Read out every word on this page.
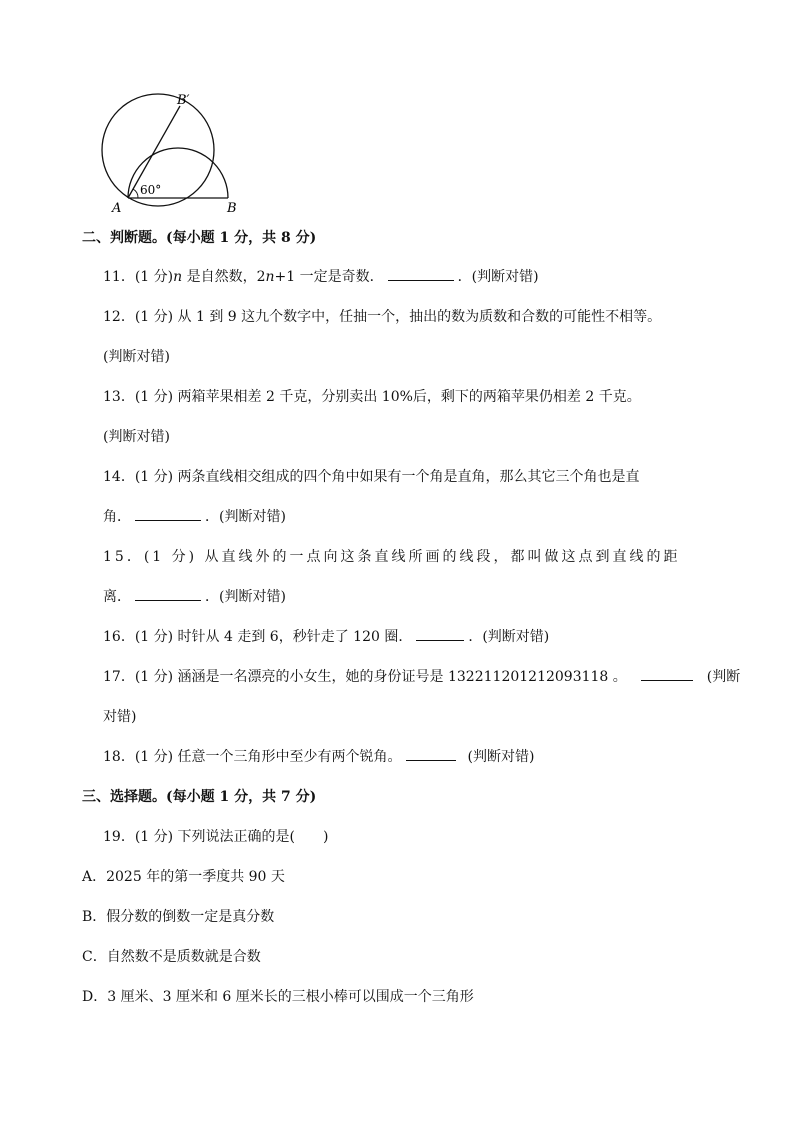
60°
A	B
B′
二、判断题。(每小题 1 分，共 8 分)
11．(1 分)n 是自然数，2n+1 一定是奇数．	．(判断对错)
12．(1 分) 从 1 到 9 这九个数字中，任抽一个，抽出的数为质数和合数的可能性不相等。
(判断对错)
13．(1 分) 两箱苹果相差 2 千克，分别卖出 10%后，剩下的两箱苹果仍相差 2 千克。
(判断对错)
14．(1 分) 两条直线相交组成的四个角中如果有一个角是直角，那么其它三个角也是直
角．	．(判断对错)
15．(1 分) 从直线外的一点向这条直线所画的线段，都叫做这点到直线的距
离．	．(判断对错)
16．(1 分) 时针从 4 走到 6，秒针走了 120 圈．	．(判断对错)
17．(1 分) 涵涵是一名漂亮的小女生，她的身份证号是 132211201212093118 。	(判断
对错)
18．(1 分) 任意一个三角形中至少有两个锐角。	(判断对错)
三、选择题。(每小题 1 分，共 7 分)
19．(1 分) 下列说法正确的是(　　)
A．2025 年的第一季度共 90 天
B．假分数的倒数一定是真分数
C．自然数不是质数就是合数
D．3 厘米、3 厘米和 6 厘米长的三根小棒可以围成一个三角形
